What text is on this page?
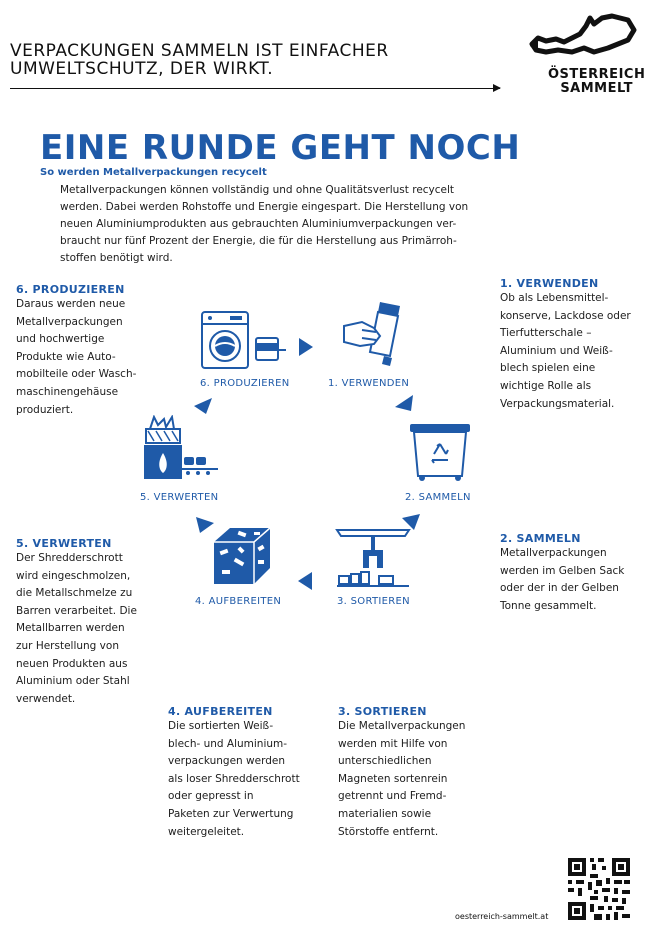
VERPACKUNGEN SAMMELN IST EINFACHER
UMWELTSCHUTZ, DER WIRKT.	ÖSTERREICH
SAMMELT
EINE RUNDE GEHT NOCH
So werden Metallverpackungen recycelt
Metallverpackungen können vollständig und ohne Qualitätsverlust recycelt
werden. Dabei werden Rohstoffe und Energie eingespart. Die Herstellung von
neuen Aluminiumprodukten aus gebrauchten Aluminiumverpackungen ver-
braucht nur fünf Prozent der Energie, die für die Herstellung aus Primärroh-
stoffen benötigt wird.
6. PRODUZIEREN
Daraus werden neue
Metallverpackungen
und hochwertige
Produkte wie Auto-
mobilteile oder Wasch-
maschinengehäuse
produziert.
1. VERWENDEN
Ob als Lebensmittel-
konserve, Lackdose oder
Tierfutterschale –
Aluminium und Weiß-
blech spielen eine
wichtige Rolle als
Verpackungsmaterial.
2. SAMMELN
Metallverpackungen
werden im Gelben Sack
oder der in der Gelben
Tonne gesammelt.
5. VERWERTEN
Der Shredderschrott
wird eingeschmolzen,
die Metallschmelze zu
Barren verarbeitet. Die
Metallbarren werden
zur Herstellung von
neuen Produkten aus
Aluminium oder Stahl
verwendet.
4. AUFBEREITEN
Die sortierten Weiß-
blech- und Aluminium-
verpackungen werden
als loser Shredderschrott
oder gepresst in
Paketen zur Verwertung
weitergeleitet.
3. SORTIEREN
Die Metallverpackungen
werden mit Hilfe von
unterschiedlichen
Magneten sortenrein
getrennt und Fremd-
materialien sowie
Störstoffe entfernt.
6. PRODUZIEREN	1. VERWENDEN
2. SAMMELN
3. SORTIEREN
4. AUFBEREITEN
5. VERWERTEN
oesterreich-sammelt.at
